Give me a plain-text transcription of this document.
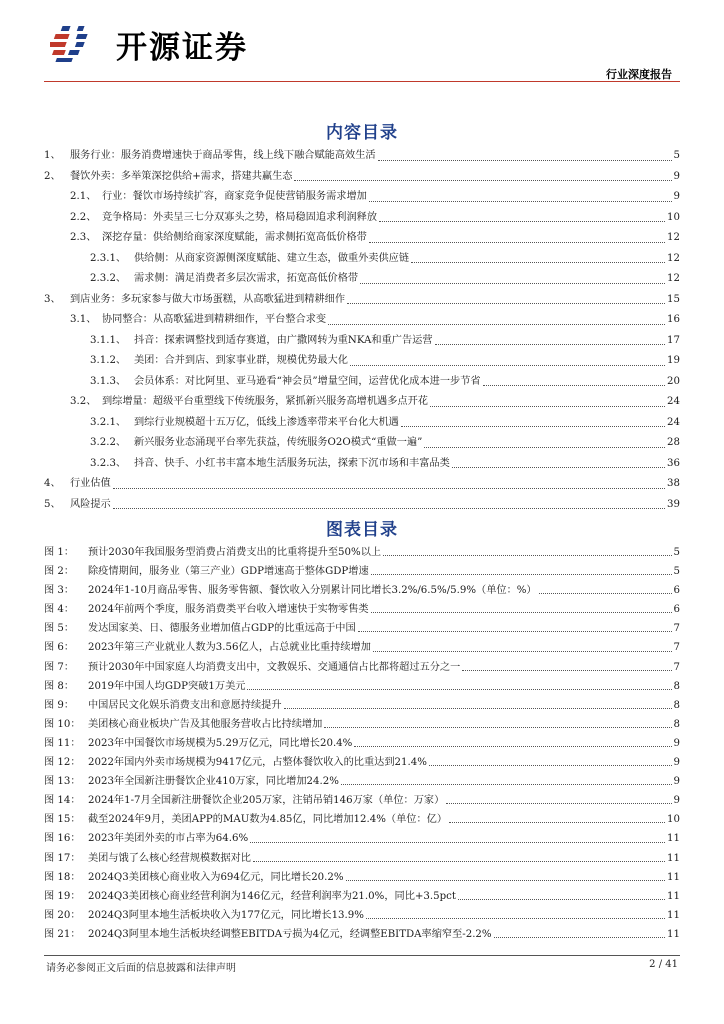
开源证券
行业深度报告
内容目录
1、 服务行业：服务消费增速快于商品零售，线上线下融合赋能高效生活	5
2、 餐饮外卖：多举策深挖供给+需求，搭建共赢生态	9
2.1、 行业：餐饮市场持续扩容，商家竞争促使营销服务需求增加	9
2.2、 竞争格局：外卖呈三七分双寡头之势，格局稳固追求利润释放	10
2.3、 深挖存量：供给侧给商家深度赋能，需求侧拓宽高低价格带	12
2.3.1、 供给侧：从商家资源侧深度赋能、建立生态，做重外卖供应链	12
2.3.2、 需求侧：满足消费者多层次需求，拓宽高低价格带	12
3、 到店业务：多玩家参与做大市场蛋糕，从高歌猛进到精耕细作	15
3.1、 协同整合：从高歌猛进到精耕细作，平台整合求变	16
3.1.1、 抖音：探索调整找到适存赛道，由广撒网转为重NKA和重广告运营	17
3.1.2、 美团：合并到店、到家事业群，规模优势最大化	19
3.1.3、 会员体系：对比阿里、亚马逊看“神会员”增量空间，运营优化成本进一步节省	20
3.2、 到综增量：超级平台重塑线下传统服务，紧抓新兴服务高增机遇多点开花	24
3.2.1、 到综行业规模超十五万亿，低线上渗透率带来平台化大机遇	24
3.2.2、 新兴服务业态涌现平台率先获益，传统服务O2O模式“重做一遍”	28
3.2.3、 抖音、快手、小红书丰富本地生活服务玩法，探索下沉市场和丰富品类	36
4、 行业估值	38
5、 风险提示	39
图表目录
图 1：	预计2030年我国服务型消费占消费支出的比重将提升至50%以上	5
图 2：	除疫情期间，服务业（第三产业）GDP增速高于整体GDP增速	5
图 3：	2024年1-10月商品零售、服务零售额、餐饮收入分别累计同比增长3.2%/6.5%/5.9%（单位：%）	6
图 4：	2024年前两个季度，服务消费类平台收入增速快于实物零售类	6
图 5：	发达国家美、日、德服务业增加值占GDP的比重远高于中国	7
图 6：	2023年第三产业就业人数为3.56亿人，占总就业比重持续增加	7
图 7：	预计2030年中国家庭人均消费支出中，文教娱乐、交通通信占比都将超过五分之一	7
图 8：	2019年中国人均GDP突破1万美元	8
图 9：	中国居民文化娱乐消费支出和意愿持续提升	8
图 10： 美团核心商业板块广告及其他服务营收占比持续增加	8
图 11： 2023年中国餐饮市场规模为5.29万亿元，同比增长20.4%	9
图 12： 2022年国内外卖市场规模为9417亿元，占整体餐饮收入的比重达到21.4%	9
图 13： 2023年全国新注册餐饮企业410万家，同比增加24.2%	9
图 14： 2024年1-7月全国新注册餐饮企业205万家，注销吊销146万家（单位：万家）	9
图 15： 截至2024年9月，美团APP的MAU数为4.85亿，同比增加12.4%（单位：亿）	10
图 16： 2023年美团外卖的市占率为64.6%	11
图 17： 美团与饿了么核心经营规模数据对比	11
图 18： 2024Q3美团核心商业收入为694亿元，同比增长20.2%	11
图 19： 2024Q3美团核心商业经营利润为146亿元，经营利润率为21.0%，同比+3.5pct	11
图 20： 2024Q3阿里本地生活板块收入为177亿元，同比增长13.9%	11
图 21： 2024Q3阿里本地生活板块经调整EBITDA亏损为4亿元，经调整EBITDA率缩窄至-2.2%	11
请务必参阅正文后面的信息披露和法律声明	2 / 41
